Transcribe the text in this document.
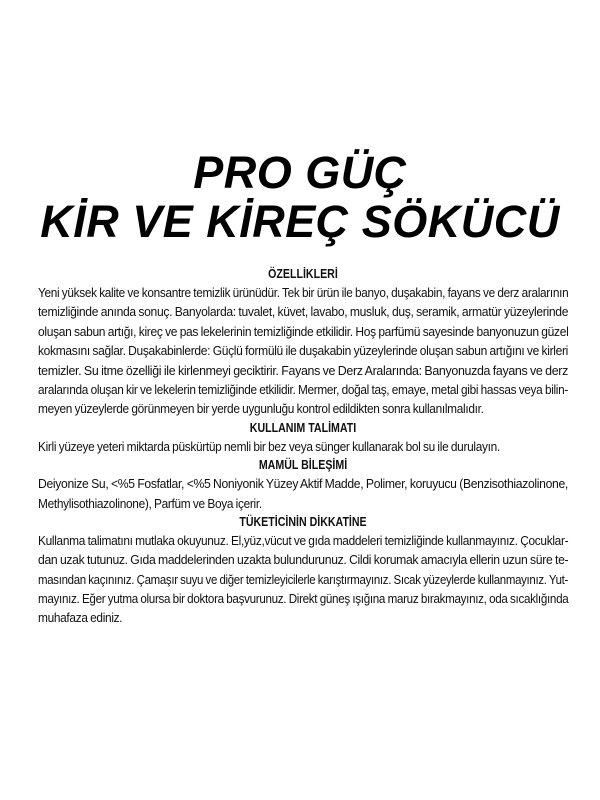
PRO GÜÇ
KİR VE KİREÇ SÖKÜCÜ
ÖZELLİKLERİ
Yeni yüksek kalite ve konsantre temizlik ürünüdür. Tek bir ürün ile banyo, duşakabin, fayans ve derz aralarının
temizliğinde anında sonuç. Banyolarda: tuvalet, küvet, lavabo, musluk, duş, seramik, armatür yüzeylerinde
oluşan sabun artığı, kireç ve pas lekelerinin temizliğinde etkilidir. Hoş parfümü sayesinde banyonuzun güzel
kokmasını sağlar. Duşakabinlerde: Güçlü formülü ile duşakabin yüzeylerinde oluşan sabun artığını ve kirleri
temizler. Su itme özelliği ile kirlenmeyi geciktirir. Fayans ve Derz Aralarında: Banyonuzda fayans ve derz
aralarında oluşan kir ve lekelerin temizliğinde etkilidir. Mermer, doğal taş, emaye, metal gibi hassas veya bilin-
meyen yüzeylerde görünmeyen bir yerde uygunluğu kontrol edildikten sonra kullanılmalıdır.
KULLANIM TALİMATI
Kirli yüzeye yeteri miktarda püskürtüp nemli bir bez veya sünger kullanarak bol su ile durulayın.
MAMÜL BİLEŞİMİ
Deiyonize Su, <%5 Fosfatlar, <%5 Noniyonik Yüzey Aktif Madde, Polimer, koruyucu (Benzisothiazolinone,
Methylisothiazolinone), Parfüm ve Boya içerir.
TÜKETİCİNİN DİKKATİNE
Kullanma talimatını mutlaka okuyunuz. El,yüz,vücut ve gıda maddeleri temizliğinde kullanmayınız. Çocuklar-
dan uzak tutunuz. Gıda maddelerinden uzakta bulundurunuz. Cildi korumak amacıyla ellerin uzun süre te-
masından kaçınınız. Çamaşır suyu ve diğer temizleyicilerle karıştırmayınız. Sıcak yüzeylerde kullanmayınız. Yut-
mayınız. Eğer yutma olursa bir doktora başvurunuz. Direkt güneş ışığına maruz bırakmayınız, oda sıcaklığında
muhafaza ediniz.
